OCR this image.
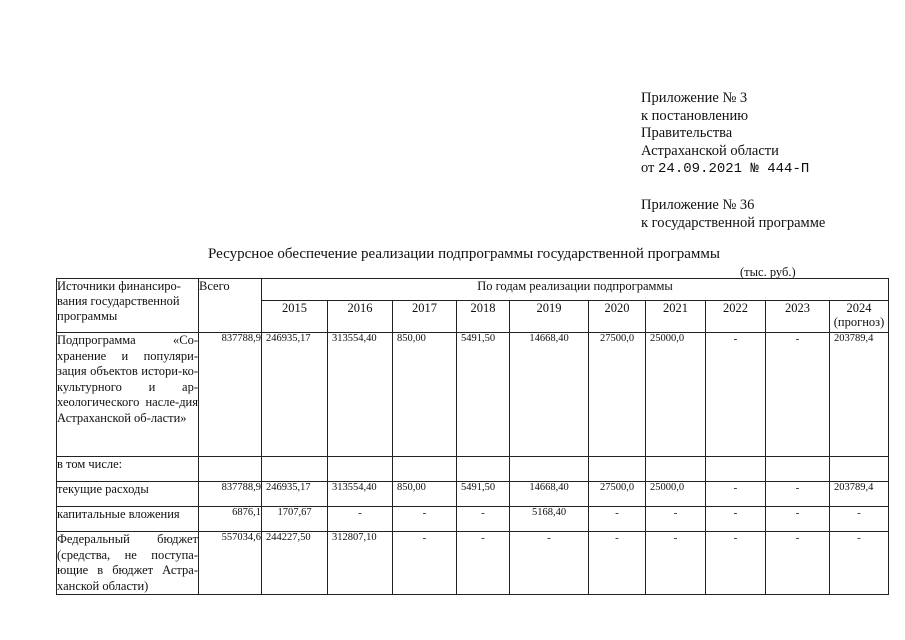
Приложение № 3
к постановлению
Правительства
Астраханской области
от 24.09.2021 № 444-П
Приложение № 36
к государственной программе
Ресурсное обеспечение реализации подпрограммы государственной программы
(тыс. руб.)
Источники финансиро-вания государственной программы	Всего	По годам реализации подпрограммы									
		2015	2016	2017	2018	2019	2020	2021	2022	2023	2024
(прогноз)

Подпрограмма «Со-хранение и популяри-зация объектов истори-ко-культурного и ар-хеологического насле-дия Астраханской об-ласти»	837788,9	246935,17	313554,40	850,00	5491,50	14668,40	27500,0	25000,0	-	-	203789,4
в том числе:											
текущие расходы	837788,9	246935,17	313554,40	850,00	5491,50	14668,40	27500,0	25000,0	-	-	203789,4
капитальные вложения	6876,1	1707,67	-	-	-	5168,40	-	-	-	-	-
Федеральный бюджет (средства, не поступа-ющие в бюджет Астра-ханской области)	557034,6	244227,50	312807,10	-	-	-	-	-	-	-	-
